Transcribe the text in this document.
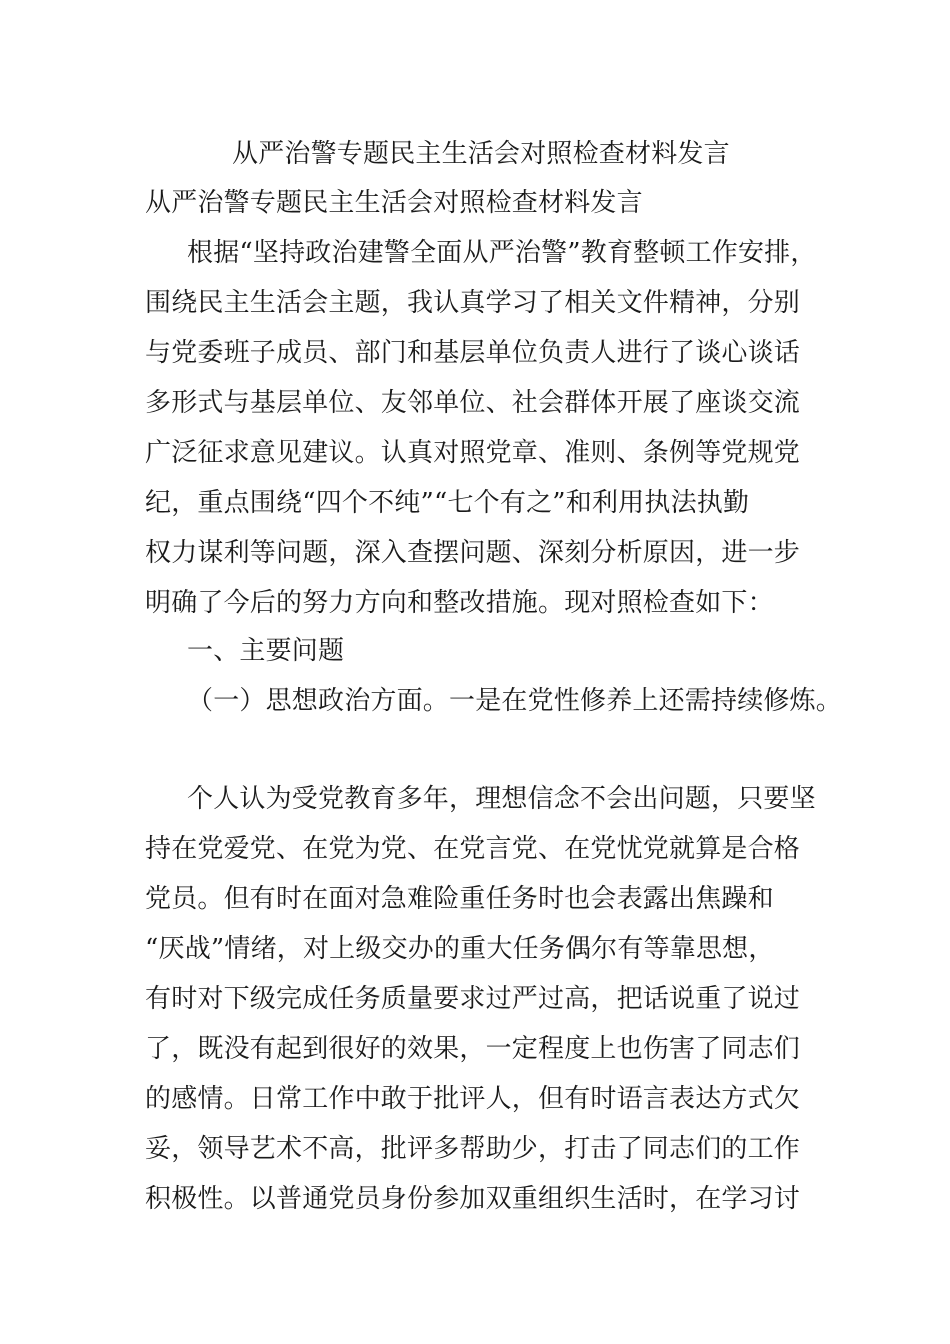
从严治警专题民主生活会对照检查材料发言
从严治警专题民主生活会对照检查材料发言
根据“坚持政治建警全面从严治警”教育整顿工作安排，
围绕民主生活会主题，我认真学习了相关文件精神，分别
与党委班子成员、部门和基层单位负责人进行了谈心谈话
多形式与基层单位、友邻单位、社会群体开展了座谈交流
广泛征求意见建议。认真对照党章、准则、条例等党规党
纪，重点围绕“四个不纯”“七个有之”和利用执法执勤
权力谋利等问题，深入查摆问题、深刻分析原因，进一步
明确了今后的努力方向和整改措施。现对照检查如下：
一、主要问题
（一）思想政治方面。一是在党性修养上还需持续修炼。
个人认为受党教育多年，理想信念不会出问题，只要坚
持在党爱党、在党为党、在党言党、在党忧党就算是合格
党员。但有时在面对急难险重任务时也会表露出焦躁和
“厌战”情绪，对上级交办的重大任务偶尔有等靠思想，
有时对下级完成任务质量要求过严过高，把话说重了说过
了，既没有起到很好的效果，一定程度上也伤害了同志们
的感情。日常工作中敢于批评人，但有时语言表达方式欠
妥，领导艺术不高，批评多帮助少，打击了同志们的工作
积极性。以普通党员身份参加双重组织生活时，在学习讨
